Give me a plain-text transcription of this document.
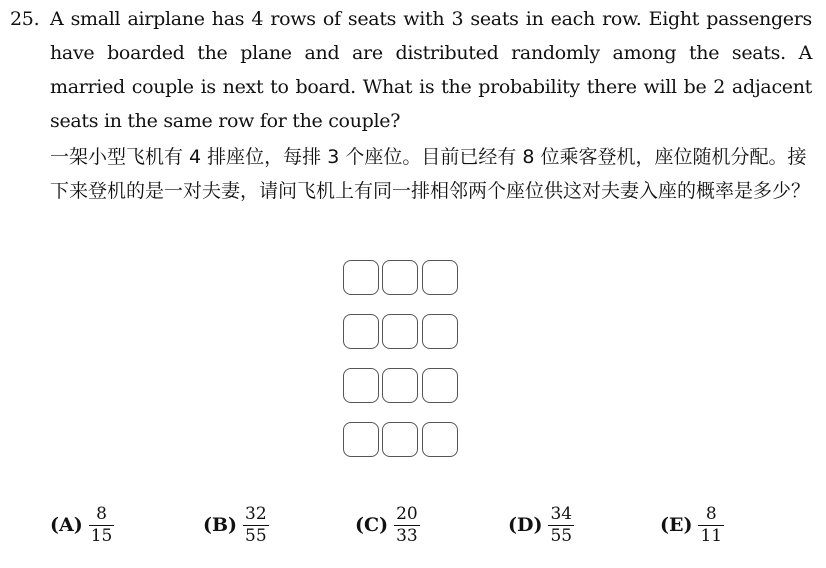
25. A small airplane has 4 rows of seats with 3 seats in each row. Eight passengers have boarded the plane and are distributed randomly among the seats. A married couple is next to board. What is the probability there will be 2 adjacent seats in the same row for the couple?
一架小型飞机有 4 排座位，每排 3 个座位。目前已经有 8 位乘客登机，座位随机分配。接下来登机的是一对夫妻，请问飞机上有同一排相邻两个座位供这对夫妻入座的概率是多少？
$(A) \frac{8}{15}$	$(B) \frac{32}{55}$	$(C) \frac{20}{33}$	$(D) \frac{34}{55}$	$(E) \frac{8}{11}$
